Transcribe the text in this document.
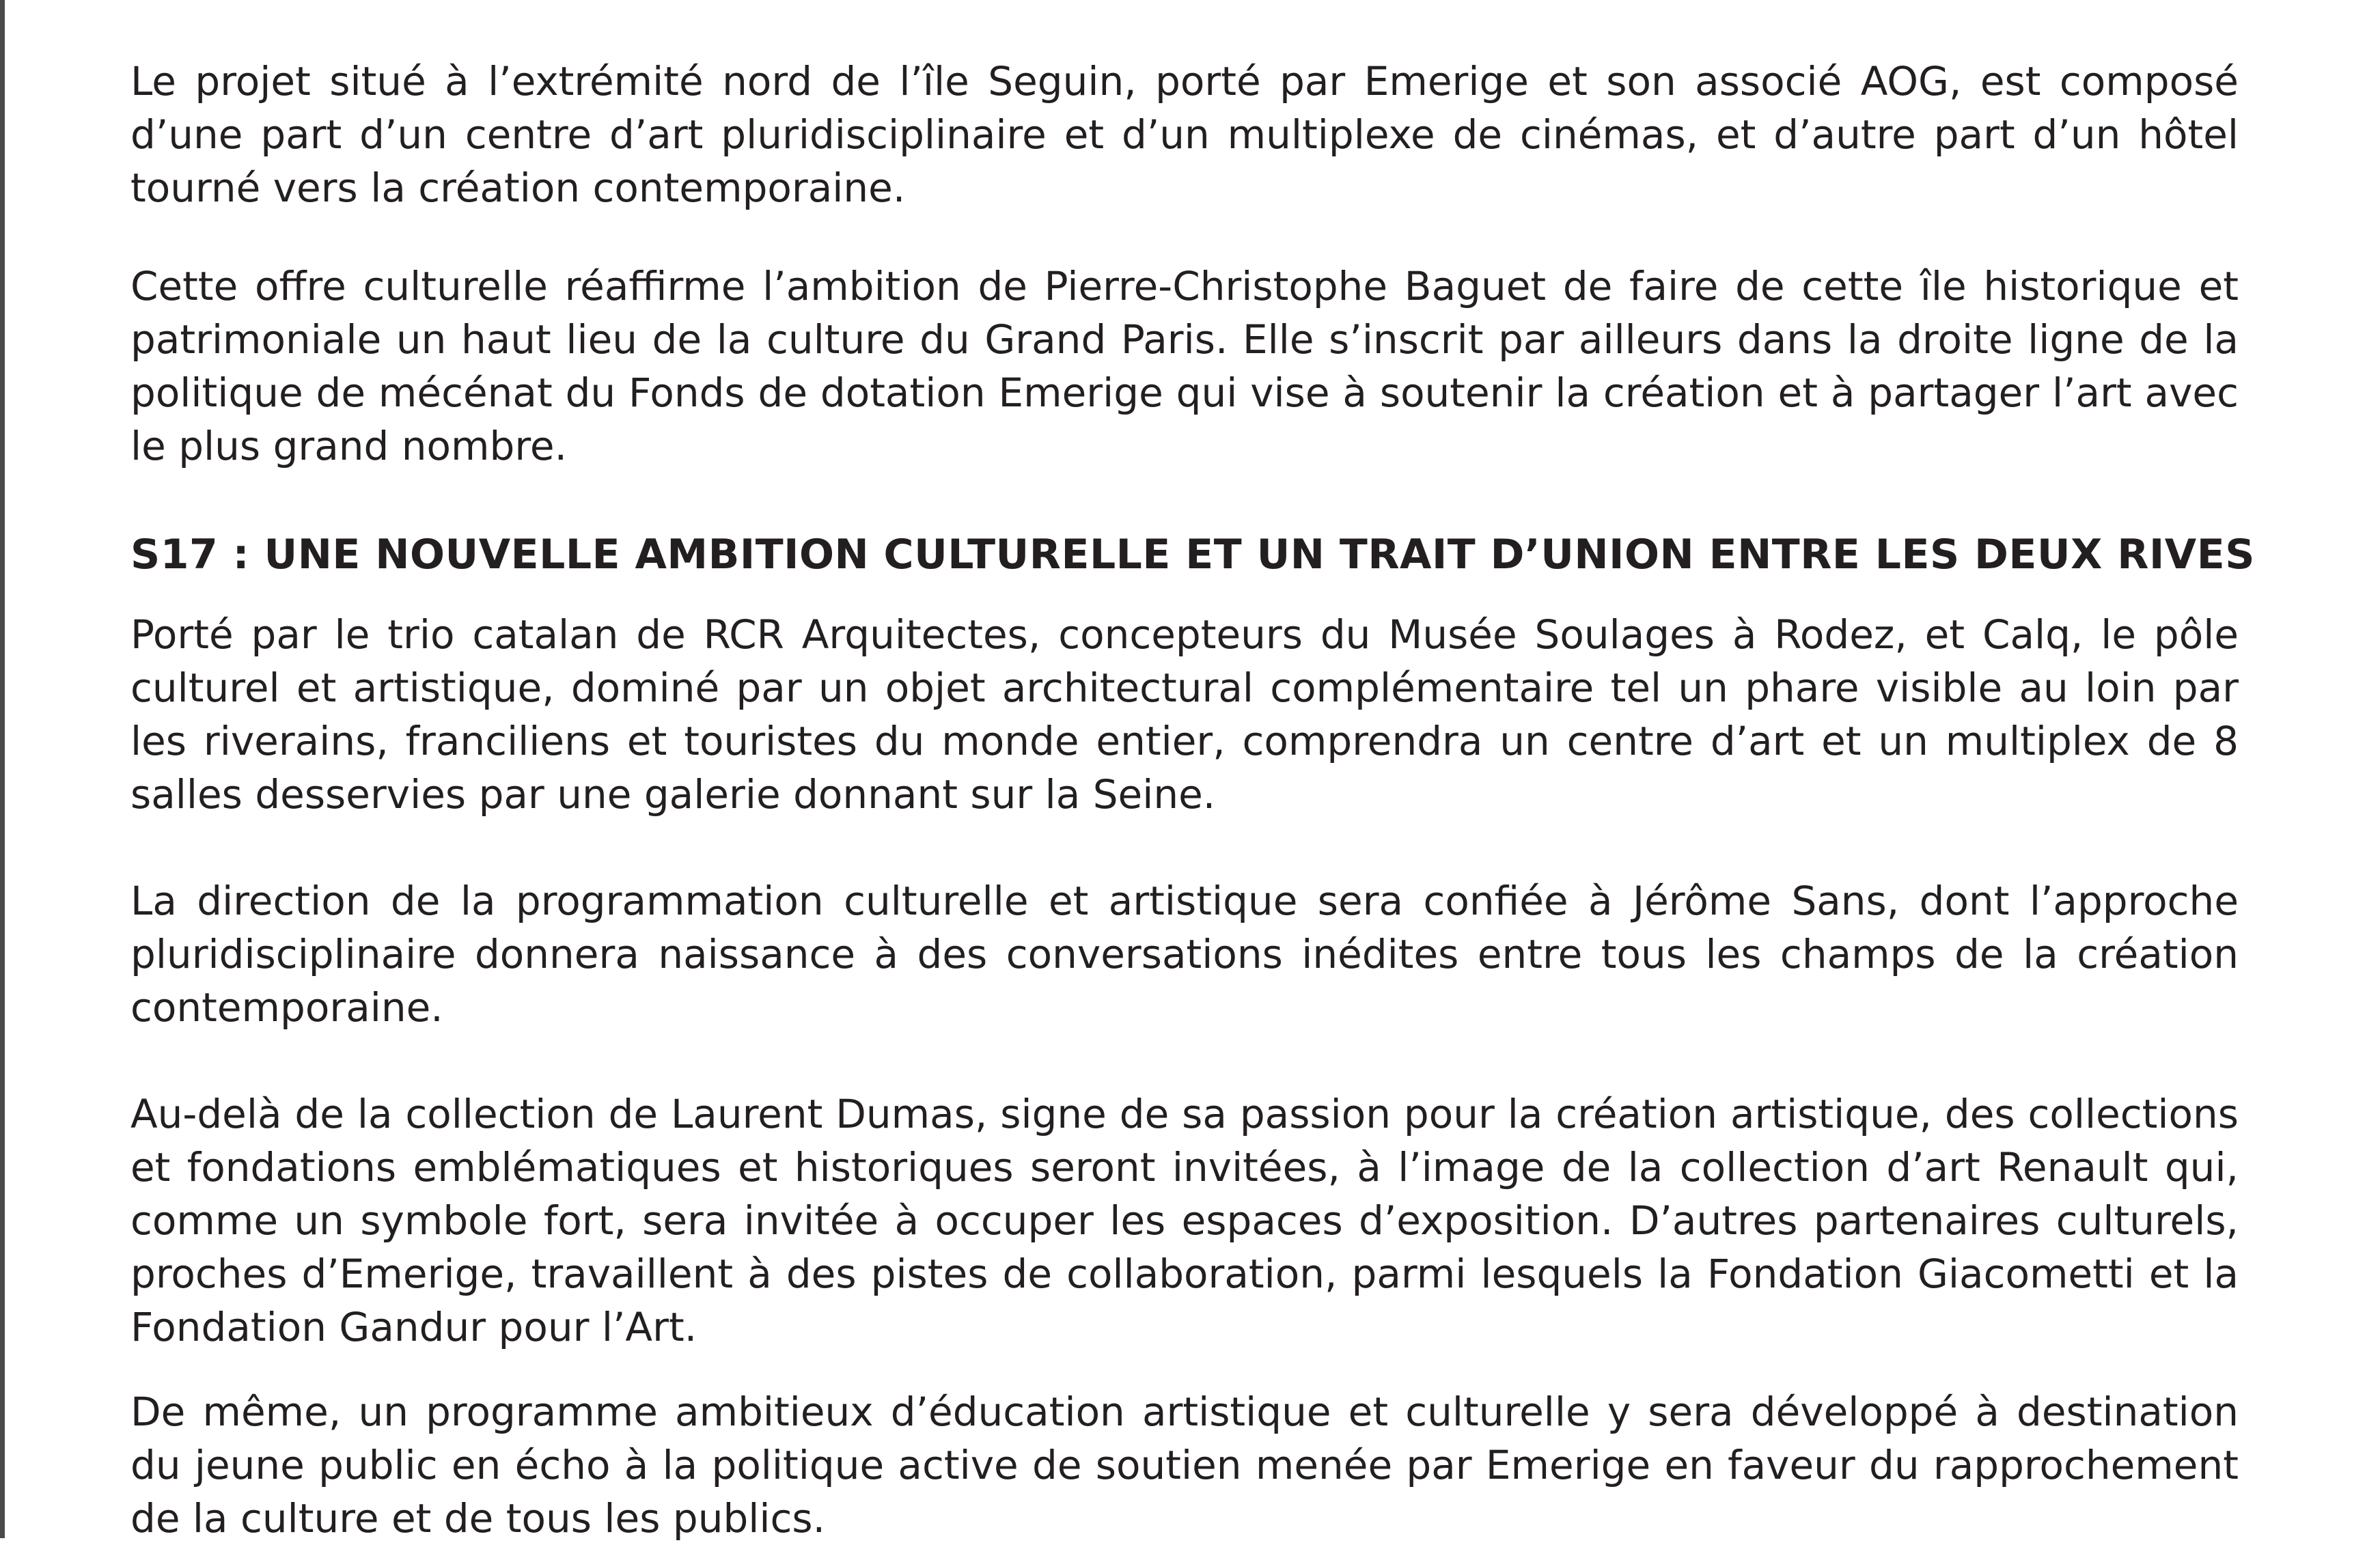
Le projet situé à l’extrémité nord de l’île Seguin, porté par Emerige et son associé AOG, est composé d’une part d’un centre d’art pluridisciplinaire et d’un multiplexe de cinémas, et d’autre part d’un hôtel tourné vers la création contemporaine.

Cette offre culturelle réaffirme l’ambition de Pierre-Christophe Baguet de faire de cette île historique et patrimoniale un haut lieu de la culture du Grand Paris. Elle s’inscrit par ailleurs dans la droite ligne de la politique de mécénat du Fonds de dotation Emerige qui vise à soutenir la création et à partager l’art avec le plus grand nombre.

S17 : UNE NOUVELLE AMBITION CULTURELLE ET UN TRAIT D’UNION ENTRE LES DEUX RIVES

Porté par le trio catalan de RCR Arquitectes, concepteurs du Musée Soulages à Rodez, et Calq, le pôle culturel et artistique, dominé par un objet architectural complémentaire tel un phare visible au loin par les riverains, franciliens et touristes du monde entier, comprendra un centre d’art et un multiplex de 8 salles desservies par une galerie donnant sur la Seine.

La direction de la programmation culturelle et artistique sera confiée à Jérôme Sans, dont l’approche pluridisciplinaire donnera naissance à des conversations inédites entre tous les champs de la création contemporaine.

Au-delà de la collection de Laurent Dumas, signe de sa passion pour la création artistique, des collections et fondations emblématiques et historiques seront invitées, à l’image de la collection d’art Renault qui, comme un symbole fort, sera invitée à occuper les espaces d’exposition. D’autres partenaires culturels, proches d’Emerige, travaillent à des pistes de collaboration, parmi lesquels la Fondation Giacometti et la Fondation Gandur pour l’Art.

De même, un programme ambitieux d’éducation artistique et culturelle y sera développé à destination du jeune public en écho à la politique active de soutien menée par Emerige en faveur du rapprochement de la culture et de tous les publics.
